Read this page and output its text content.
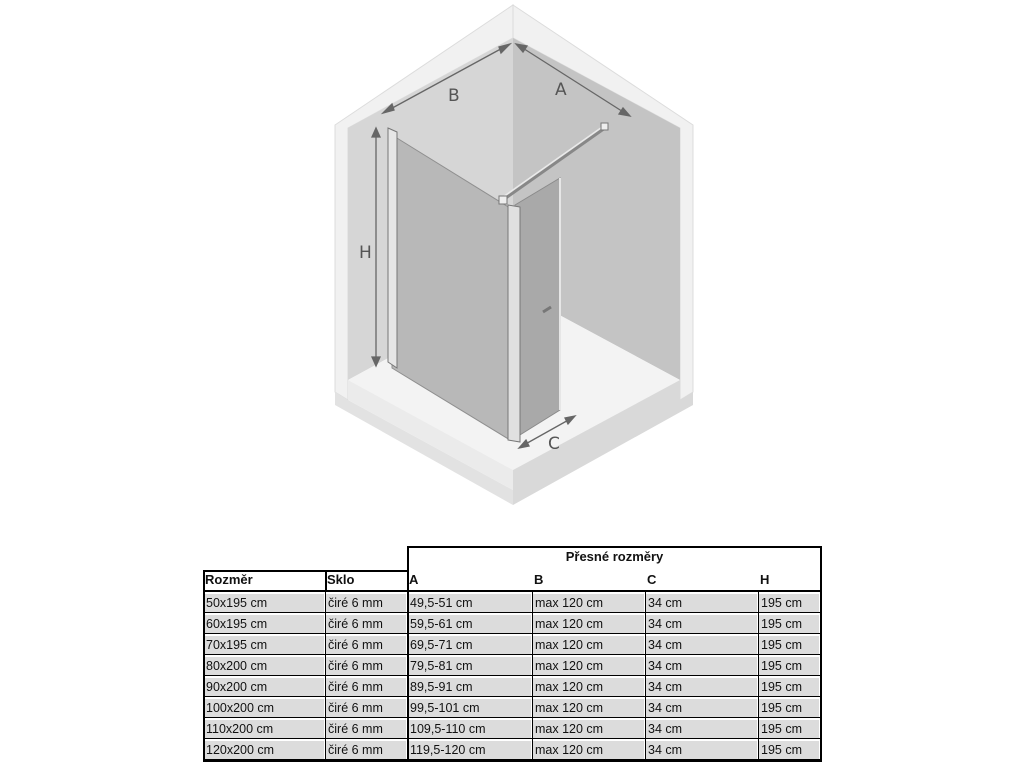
B	A
H
C
Přesné rozměry
Rozměr	Sklo	A	B	C	H
50x195 cm	čiré 6 mm	49,5-51 cm	max 120 cm	34 cm	195 cm
60x195 cm	čiré 6 mm	59,5-61 cm	max 120 cm	34 cm	195 cm
70x195 cm	čiré 6 mm	69,5-71 cm	max 120 cm	34 cm	195 cm
80x200 cm	čiré 6 mm	79,5-81 cm	max 120 cm	34 cm	195 cm
90x200 cm	čiré 6 mm	89,5-91 cm	max 120 cm	34 cm	195 cm
100x200 cm	čiré 6 mm	99,5-101 cm	max 120 cm	34 cm	195 cm
110x200 cm	čiré 6 mm	109,5-110 cm	max 120 cm	34 cm	195 cm
120x200 cm	čiré 6 mm	119,5-120 cm	max 120 cm	34 cm	195 cm
